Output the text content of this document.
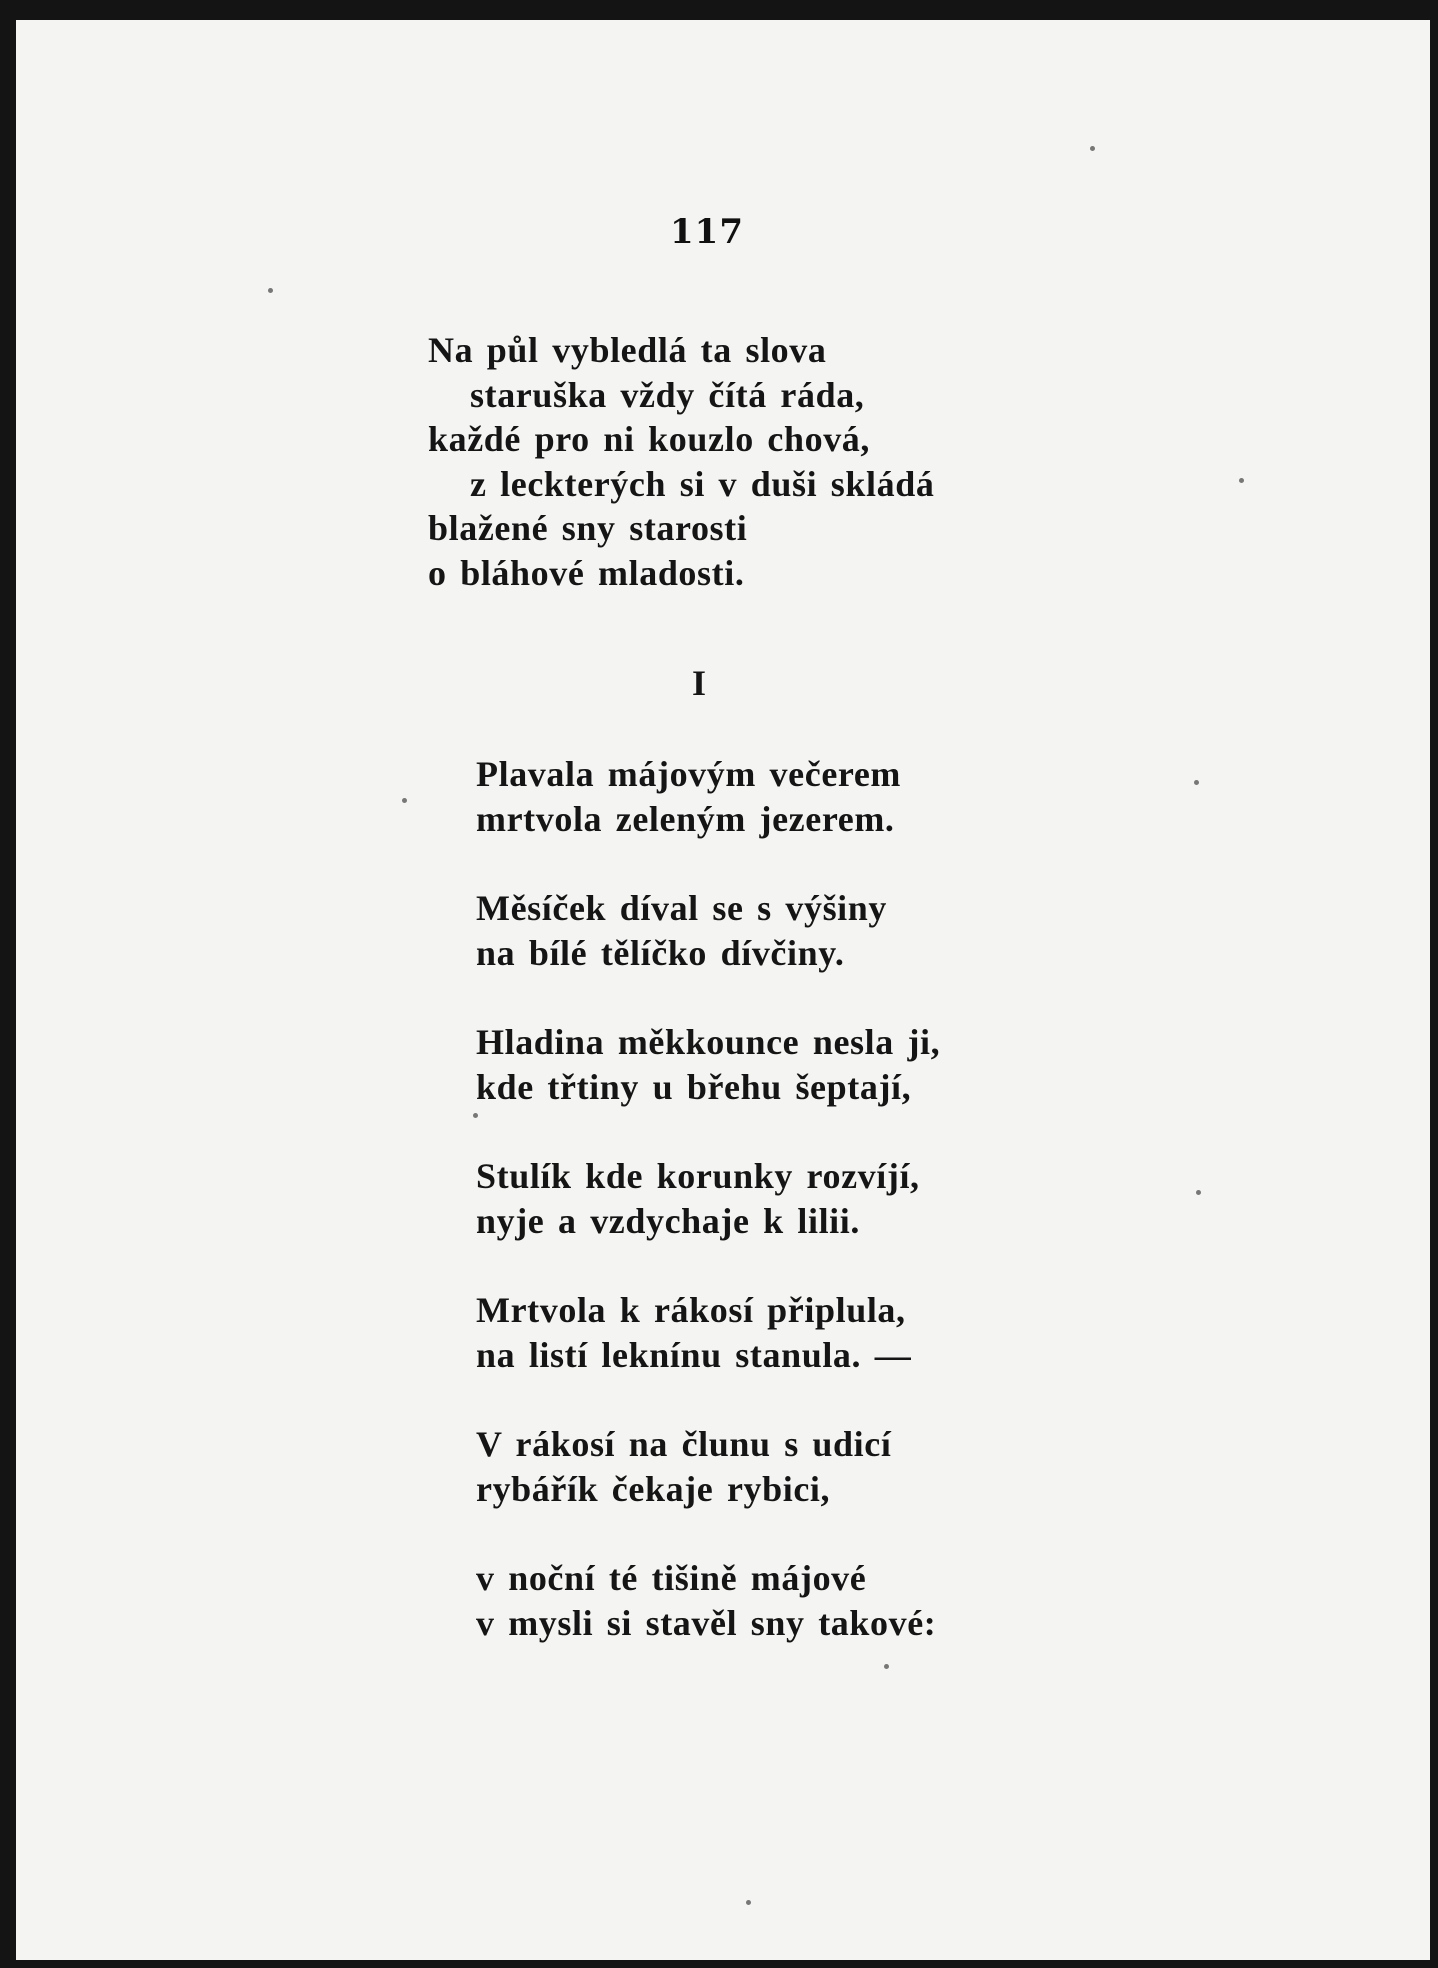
117
Na půl vybledlá ta slova
staruška vždy čítá ráda,
každé pro ni kouzlo chová,
z leckterých si v duši skládá
blažené sny starosti
o bláhové mladosti.
I
Plavala májovým večerem
mrtvola zeleným jezerem.
Měsíček díval se s výšiny
na bílé tělíčko dívčiny.
Hladina měkkounce nesla ji,
kde třtiny u břehu šeptají,
Stulík kde korunky rozvíjí,
nyje a vzdychaje k lilii.
Mrtvola k rákosí připlula,
na listí leknínu stanula. —
V rákosí na člunu s udicí
rybářík čekaje rybici,
v noční té tišině májové
v mysli si stavěl sny takové:
